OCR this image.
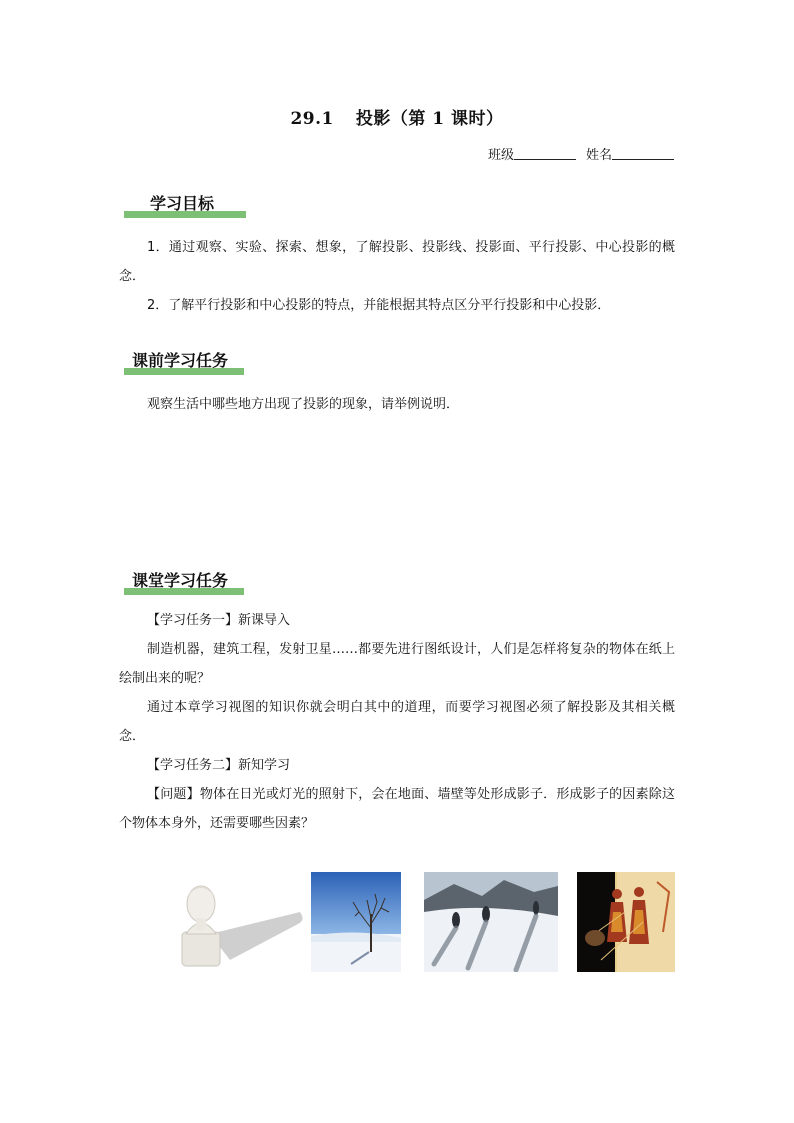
29.1 投影（第 1 课时）
班级	姓名
学习目标
1．通过观察、实验、探索、想象，了解投影、投影线、投影面、平行投影、中心投影的概念．
2．了解平行投影和中心投影的特点，并能根据其特点区分平行投影和中心投影．
课前学习任务
观察生活中哪些地方出现了投影的现象，请举例说明．
课堂学习任务
【学习任务一】新课导入
制造机器，建筑工程，发射卫星……都要先进行图纸设计，人们是怎样将复杂的物体在纸上绘制出来的呢？
通过本章学习视图的知识你就会明白其中的道理，而要学习视图必须了解投影及其相关概念．
【学习任务二】新知学习
【问题】物体在日光或灯光的照射下，会在地面、墙壁等处形成影子．形成影子的因素除这个物体本身外，还需要哪些因素？
